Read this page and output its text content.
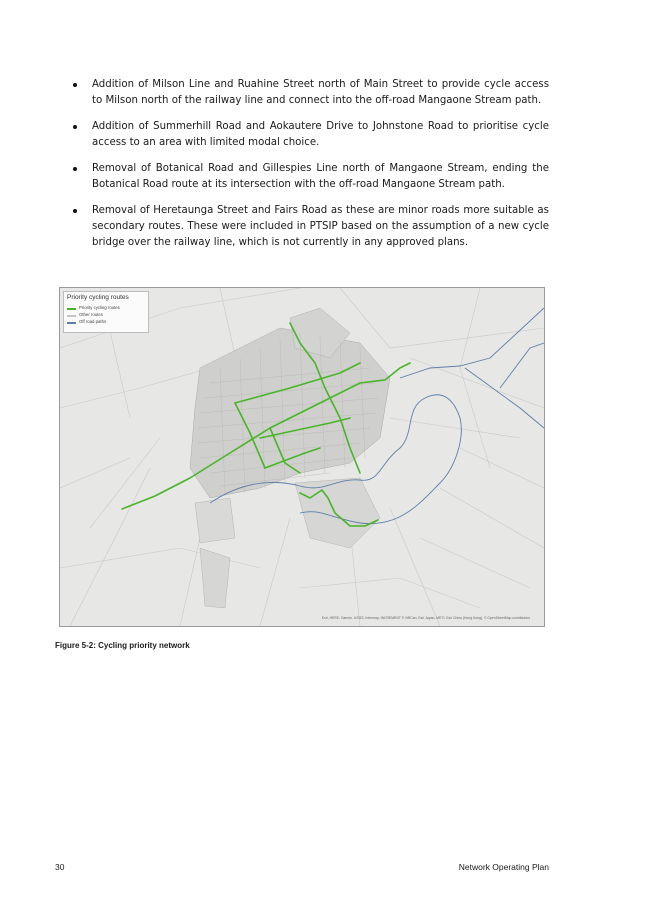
Addition of Milson Line and Ruahine Street north of Main Street to provide cycle access to Milson north of the railway line and connect into the off-road Mangaone Stream path.
Addition of Summerhill Road and Aokautere Drive to Johnstone Road to prioritise cycle access to an area with limited modal choice.
Removal of Botanical Road and Gillespies Line north of Mangaone Stream, ending the Botanical Road route at its intersection with the off-road Mangaone Stream path.
Removal of Heretaunga Street and Fairs Road as these are minor roads more suitable as secondary routes. These were included in PTSIP based on the assumption of a new cycle bridge over the railway line, which is not currently in any approved plans.
Priority cycling routes
Priority cycling routes
Other routes
Off road paths
Esri, HERE, Garmin, USGS, Intermap, INCREMENT P, NRCan, Esri Japan, METI, Esri China (Hong Kong), © OpenStreetMap contributors
Figure 5-2: Cycling priority network
30	Network Operating Plan
